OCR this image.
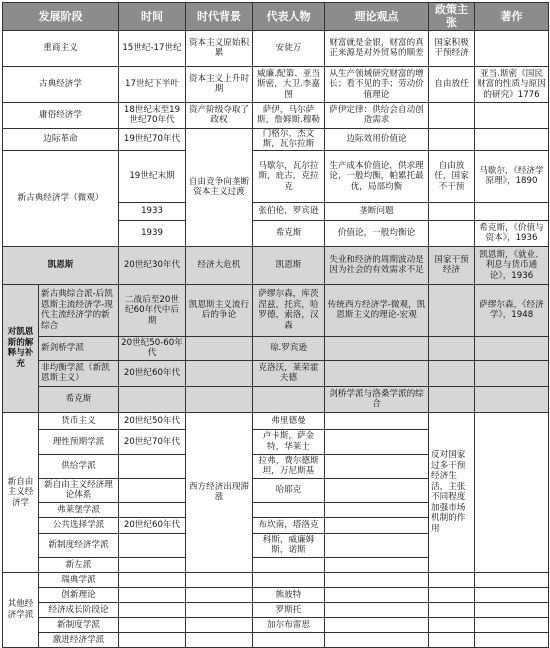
发展阶段		时间	时代背景	代表人物	理论观点	政策主张	著作
重商主义		15世纪-17世纪	资本主义原始积累	安徒万	财富就是金银，财富的真正来源是对外贸易的顺差	国家积极干预经济	
古典经济学		17世纪下半叶	资本主义上升时期	威廉.配第、亚当斯密，大卫.李嘉图	从生产领域研究财富的增长；看不见的手；劳动价值理论	自由放任	亚当.斯密《国民财富的性质与原因的研究》1776
庸俗经济学		18世纪末至19世纪70年代	资产阶级夺取了政权	萨伊，马尔萨斯，詹姆斯.穆勒	萨伊定律：供给会自动创造需求		
边际革命		19世纪70年代	自由竞争向垄断资本主义过渡	门格尔，杰文斯，瓦尔拉斯	边际效用价值论		
新古典经济学（微观）		19世纪末期		马歇尔，瓦尔拉斯，庇古，克拉克	生产成本价值论，供求理论，一般均衡，帕累托最优，局部均衡	自由放任，国家不干预	马歇尔，《经济学原理》，1890
		1933		张伯伦，罗宾逊	垄断问题		
		1939		希克斯	价值论，一般均衡论		希克斯，《价值与资本》，1936
凯恩斯		20世纪30年代	经济大危机	凯恩斯	失业和经济的周期波动是因为社会的有效需求不足	国家干预经济	凯恩斯，《就业、利息与货币通论》，1936
对凯恩斯的解释与补充	新古典综合派-后凯恩斯主流经济学-现代主流经济学的新综合	二战后至20世纪60年代中后期	凯恩斯主义流行后的争论	萨缪尔森，库茨涅兹，托宾，哈罗德，索洛，汉森	传统西方经济学-微观，凯恩斯主义的理论-宏观		萨缪尔森，《经济学》，1948
	新剑桥学派	20世纪50-60年代		琼.罗宾逊			
	非均衡学派（新凯恩斯主义）	20世纪60年代		克洛沃，莱荣霍夫德			
	希克斯				剑桥学派与洛桑学派的综合		
新自由主义经济学	货币主义	20世纪50年代	西方经济出现滞涨	弗里德曼		反对国家过多干预经济生活，主张不同程度加强市场机制的作用	
	理性预期学派	20世纪70年代		卢卡斯，萨金特，华莱士			
	供给学派			拉弗，费尔德斯坦，万尼斯基			
	新自由主义经济理论体系			哈耶克			
	弗莱堡学派						
	公共选择学派	20世纪60年代		布坎南，塔洛克			
	新制度经济学派			科斯，威廉姆斯，诺斯			
	新左派						
其他经济学派	瑞典学派						
	创新理论			熊彼特			
	经济成长阶段论			罗斯托			
	新制度学派			加尔布雷思			
	激进经济学派						
